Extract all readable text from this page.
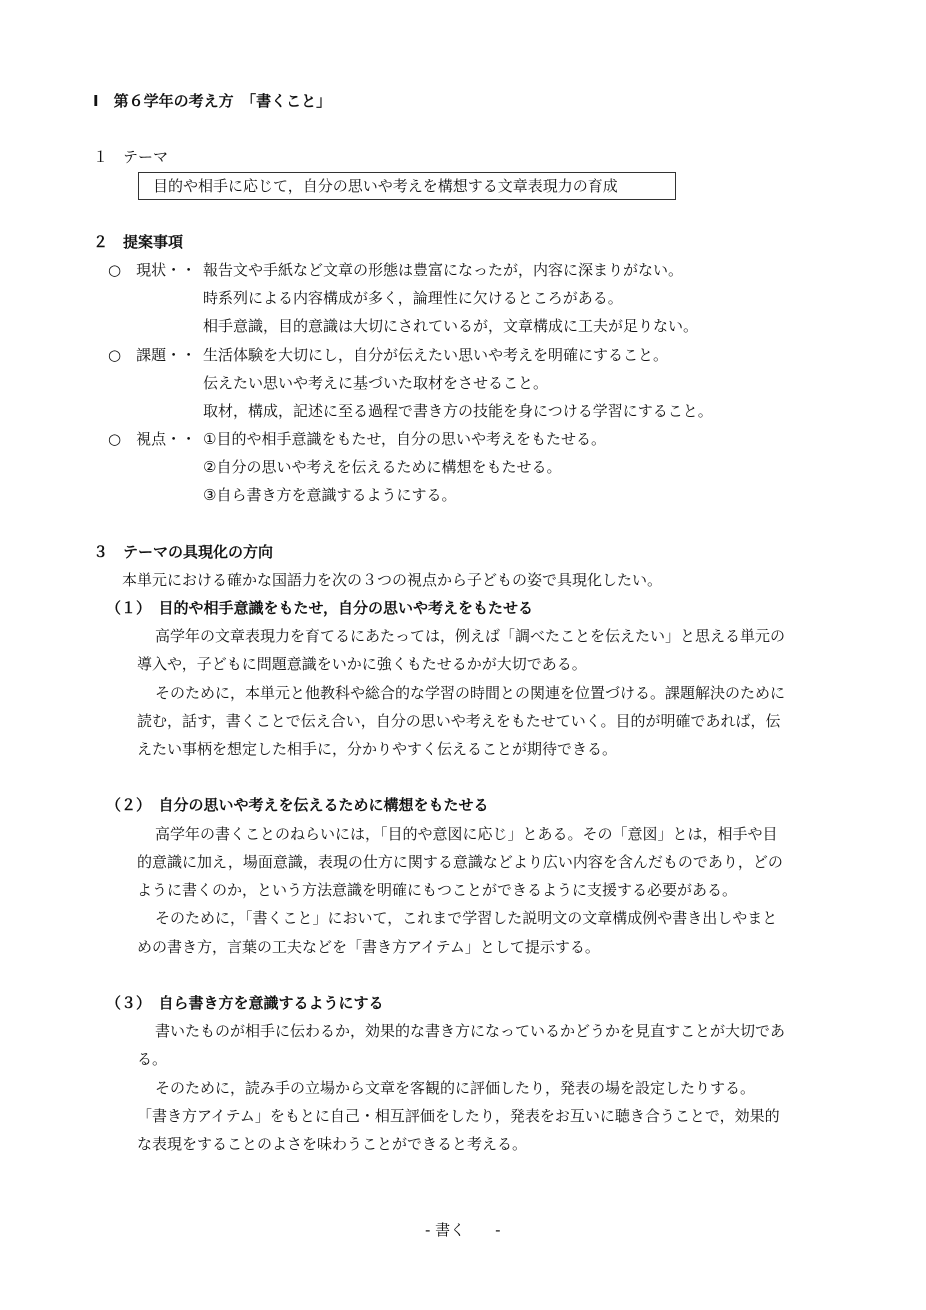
Ⅰ　第６学年の考え方　「書くこと」
１　テーマ
目的や相手に応じて，自分の思いや考えを構想する文章表現力の育成
２　提案事項
○　現状・・ 報告文や手紙など文章の形態は豊富になったが，内容に深まりがない。
時系列による内容構成が多く，論理性に欠けるところがある。
相手意識，目的意識は大切にされているが，文章構成に工夫が足りない。
○　課題・・ 生活体験を大切にし，自分が伝えたい思いや考えを明確にすること。
伝えたい思いや考えに基づいた取材をさせること。
取材，構成，記述に至る過程で書き方の技能を身につける学習にすること。
○　視点・・ ①目的や相手意識をもたせ，自分の思いや考えをもたせる。
②自分の思いや考えを伝えるために構想をもたせる。
③自ら書き方を意識するようにする。
３　テーマの具現化の方向
本単元における確かな国語力を次の３つの視点から子どもの姿で具現化したい。
（１）　目的や相手意識をもたせ，自分の思いや考えをもたせる
高学年の文章表現力を育てるにあたっては，例えば「調べたことを伝えたい」と思える単元の
導入や，子どもに問題意識をいかに強くもたせるかが大切である。
そのために，本単元と他教科や総合的な学習の時間との関連を位置づける。課題解決のために
読む，話す，書くことで伝え合い，自分の思いや考えをもたせていく。目的が明確であれば，伝
えたい事柄を想定した相手に，分かりやすく伝えることが期待できる。
（２）　自分の思いや考えを伝えるために構想をもたせる
高学年の書くことのねらいには，「目的や意図に応じ」とある。その「意図」とは，相手や目
的意識に加え，場面意識，表現の仕方に関する意識などより広い内容を含んだものであり，どの
ように書くのか，という方法意識を明確にもつことができるように支援する必要がある。
そのために，「書くこと」において，これまで学習した説明文の文章構成例や書き出しやまと
めの書き方，言葉の工夫などを「書き方アイテム」として提示する。
（３）　自ら書き方を意識するようにする
書いたものが相手に伝わるか，効果的な書き方になっているかどうかを見直すことが大切であ
る。
そのために，読み手の立場から文章を客観的に評価したり，発表の場を設定したりする。
「書き方アイテム」をもとに自己・相互評価をしたり，発表をお互いに聴き合うことで，効果的
な表現をすることのよさを味わうことができると考える。
- 書く　　-
